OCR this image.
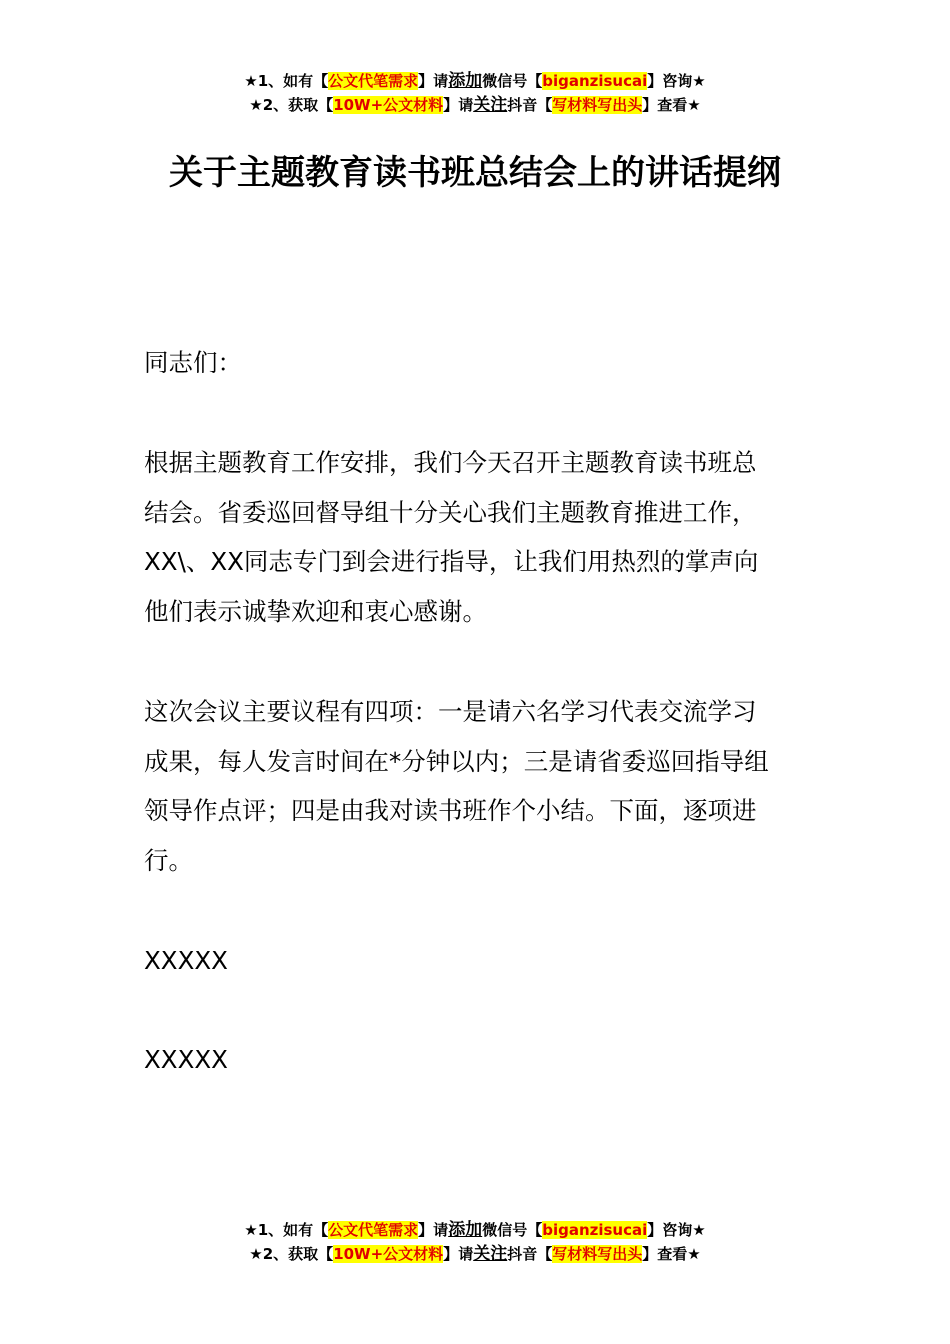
★1、如有【公文代笔需求】请添加微信号【biganzisucai】咨询★
★2、获取【10W+公文材料】请关注抖音【写材料写出头】查看★
关于主题教育读书班总结会上的讲话提纲
同志们：
根据主题教育工作安排，我们今天召开主题教育读书班总
结会。省委巡回督导组十分关心我们主题教育推进工作，
XX\、XX同志专门到会进行指导，让我们用热烈的掌声向
他们表示诚挚欢迎和衷心感谢。
这次会议主要议程有四项：一是请六名学习代表交流学习
成果，每人发言时间在*分钟以内；三是请省委巡回指导组
领导作点评；四是由我对读书班作个小结。下面，逐项进
行。
XXXXX
XXXXX
★1、如有【公文代笔需求】请添加微信号【biganzisucai】咨询★
★2、获取【10W+公文材料】请关注抖音【写材料写出头】查看★
